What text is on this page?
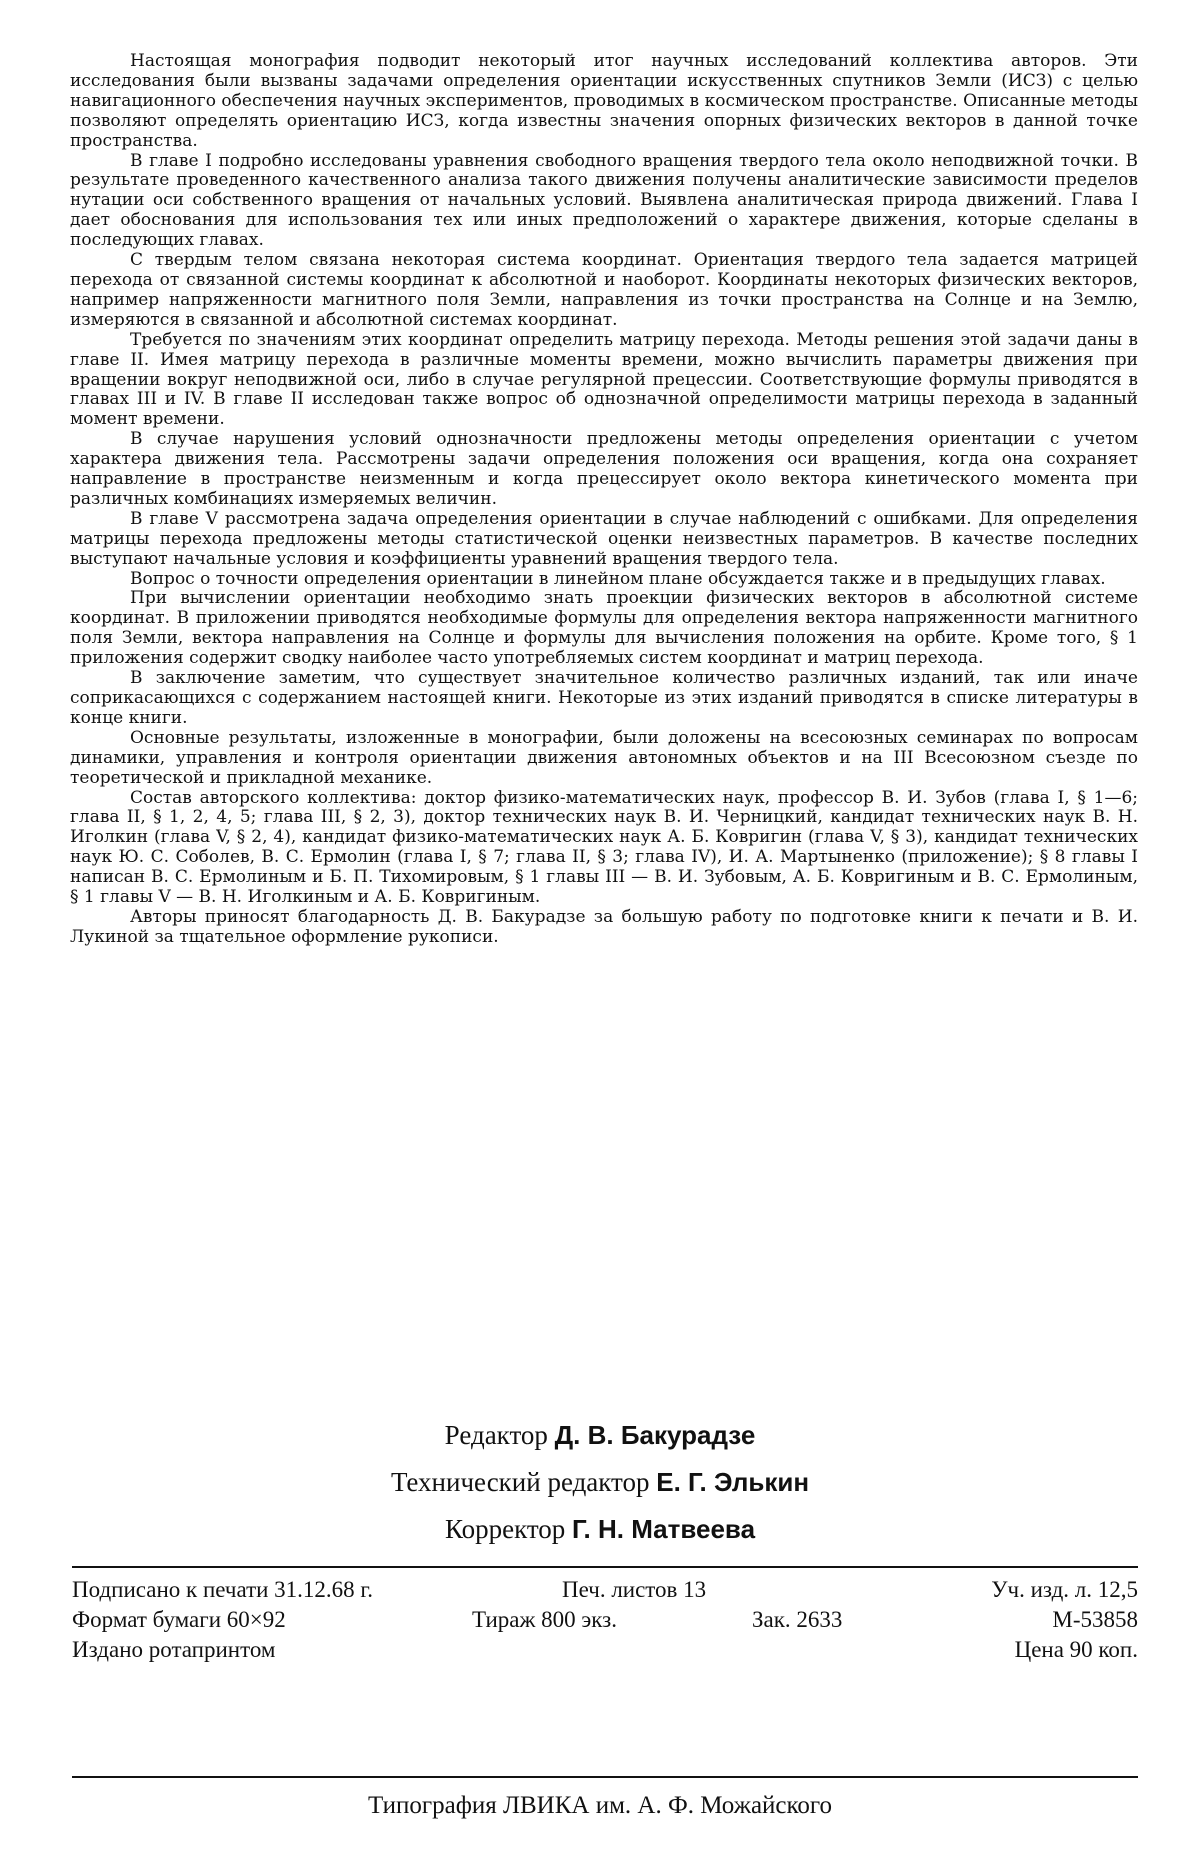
Настоящая монография подводит некоторый итог научных исследований коллектива авторов. Эти исследования были вызваны задачами определения ориентации искусственных спутников Земли (ИСЗ) с целью навигационного обеспечения научных экспериментов, проводимых в космическом пространстве. Описанные методы позволяют определять ориентацию ИСЗ, когда известны значения опорных физических векторов в данной точке пространства.

В главе I подробно исследованы уравнения свободного вращения твердого тела около неподвижной точки. В результате проведенного качественного анализа такого движения получены аналитические зависимости пределов нутации оси собственного вращения от начальных условий. Выявлена аналитическая природа движений. Глава I дает обоснования для использования тех или иных предположений о характере движения, которые сделаны в последующих главах.

С твердым телом связана некоторая система координат. Ориентация твердого тела задается матрицей перехода от связанной системы координат к абсолютной и наоборот. Координаты некоторых физических векторов, например напряженности магнитного поля Земли, направления из точки пространства на Солнце и на Землю, измеряются в связанной и абсолютной системах координат.

Требуется по значениям этих координат определить матрицу перехода. Методы решения этой задачи даны в главе II. Имея матрицу перехода в различные моменты времени, можно вычислить параметры движения при вращении вокруг неподвижной оси, либо в случае регулярной прецессии. Соответствующие формулы приводятся в главах III и IV. В главе II исследован также вопрос об однозначной определимости матрицы перехода в заданный момент времени.

В случае нарушения условий однозначности предложены методы определения ориентации с учетом характера движения тела. Рассмотрены задачи определения положения оси вращения, когда она сохраняет направление в пространстве неизменным и когда прецессирует около вектора кинетического момента при различных комбинациях измеряемых величин.

В главе V рассмотрена задача определения ориентации в случае наблюдений с ошибками. Для определения матрицы перехода предложены методы статистической оценки неизвестных параметров. В качестве последних выступают начальные условия и коэффициенты уравнений вращения твердого тела.

Вопрос о точности определения ориентации в линейном плане обсуждается также и в предыдущих главах.

При вычислении ориентации необходимо знать проекции физических векторов в абсолютной системе координат. В приложении приводятся необходимые формулы для определения вектора напряженности магнитного поля Земли, вектора направления на Солнце и формулы для вычисления положения на орбите. Кроме того, § 1 приложения содержит сводку наиболее часто употребляемых систем координат и матриц перехода.

В заключение заметим, что существует значительное количество различных изданий, так или иначе соприкасающихся с содержанием настоящей книги. Некоторые из этих изданий приводятся в списке литературы в конце книги.

Основные результаты, изложенные в монографии, были доложены на всесоюзных семинарах по вопросам динамики, управления и контроля ориентации движения автономных объектов и на III Всесоюзном съезде по теоретической и прикладной механике.

Состав авторского коллектива: доктор физико-математических наук, профессор В. И. Зубов (глава I, § 1—6; глава II, § 1, 2, 4, 5; глава III, § 2, 3), доктор технических наук В. И. Черницкий, кандидат технических наук В. Н. Иголкин (глава V, § 2, 4), кандидат физико-математических наук А. Б. Ковригин (глава V, § 3), кандидат технических наук Ю. С. Соболев, В. С. Ермолин (глава I, § 7; глава II, § 3; глава IV), И. А. Мартыненко (приложение); § 8 главы I написан В. С. Ермолиным и Б. П. Тихомировым, § 1 главы III — В. И. Зубовым, А. Б. Ковригиным и В. С. Ермолиным, § 1 главы V — В. Н. Иголкиным и А. Б. Ковригиным.

Авторы приносят благодарность Д. В. Бакурадзе за большую работу по подготовке книги к печати и В. И. Лукиной за тщательное оформление рукописи.

Редактор Д. В. Бакурадзе
Технический редактор Е. Г. Элькин
Корректор Г. Н. Матвеева
Подписано к печати 31.12.68 г.	Печ. листов 13	Уч. изд. л. 12,5
Формат бумаги 60×92	Тираж 800 экз.	Зак. 2633	М-53858
Издано ротапринтом	Цена 90 коп.
Типография ЛВИКА им. А. Ф. Можайского
